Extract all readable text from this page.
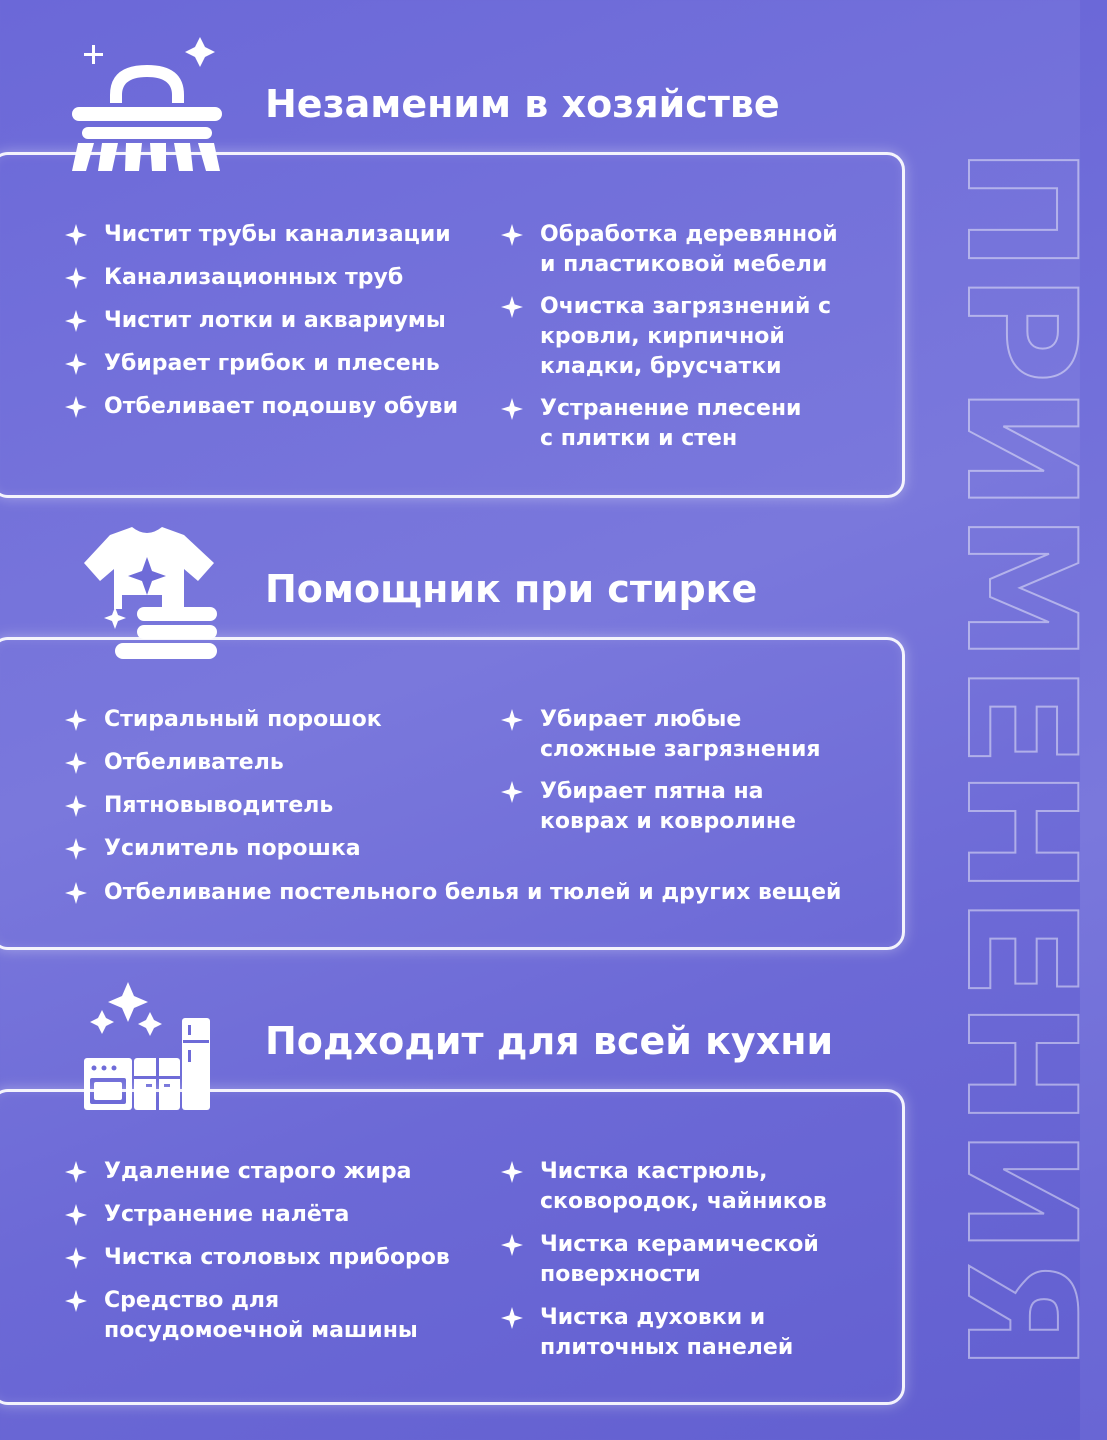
ПРИМЕНЕНИЯ
Незаменим в хозяйстве
Чистит трубы канализации
Канализационных труб
Чистит лотки и аквариумы
Убирает грибок и плесень
Отбеливает подошву обуви
Обработка деревянной
и пластиковой мебели
Очистка загрязнений с
кровли, кирпичной
кладки, брусчатки
Устранение плесени
с плитки и стен
Помощник при стирке
Стиральный порошок
Отбеливатель
Пятновыводитель
Усилитель порошка
Убирает любые
сложные загрязнения
Убирает пятна на
коврах и ковролине
Отбеливание постельного белья и тюлей и других вещей
Подходит для всей кухни
Удаление старого жира
Устранение налёта
Чистка столовых приборов
Средство для
посудомоечной машины
Чистка кастрюль,
сковородок, чайников
Чистка керамической
поверхности
Чистка духовки и
плиточных панелей
